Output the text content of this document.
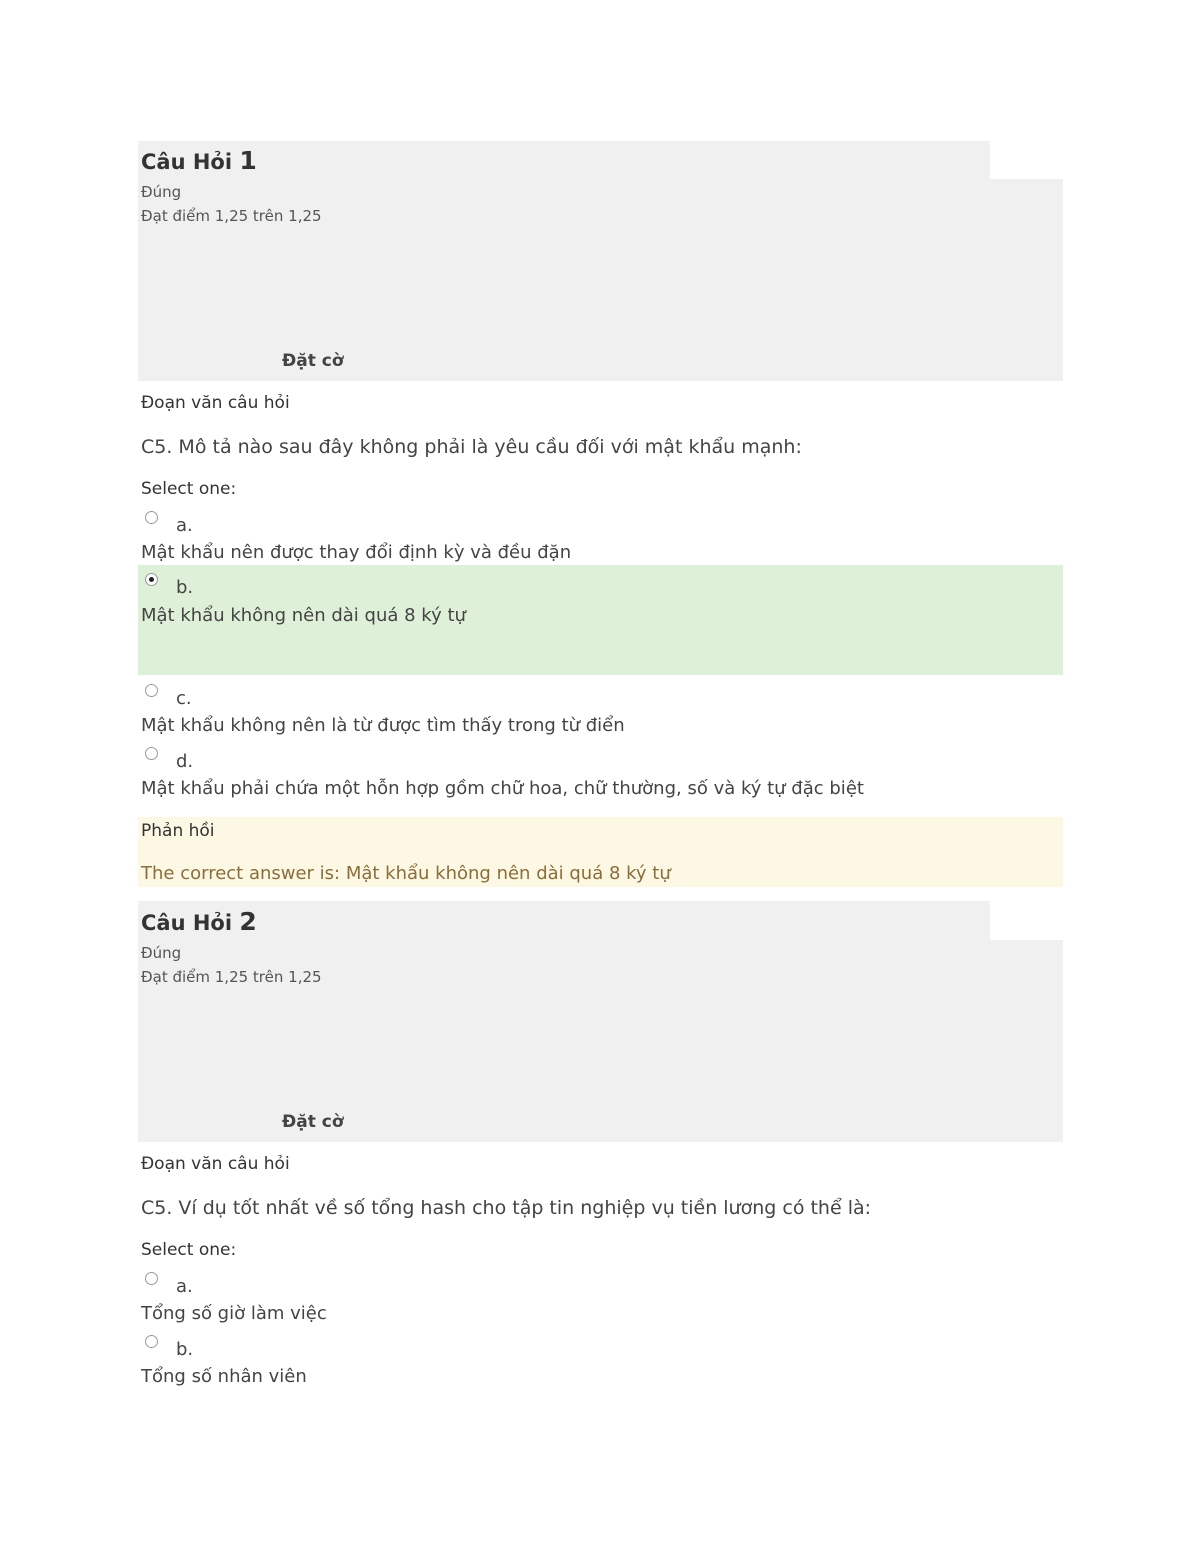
Câu Hỏi 1
Đúng
Đạt điểm 1,25 trên 1,25
Đặt cờ
Đoạn văn câu hỏi
C5. Mô tả nào sau đây không phải là yêu cầu đối với mật khẩu mạnh:
Select one:
a.
Mật khẩu nên được thay đổi định kỳ và đều đặn
b.
Mật khẩu không nên dài quá 8 ký tự
c.
Mật khẩu không nên là từ được tìm thấy trong từ điển
d.
Mật khẩu phải chứa một hỗn hợp gồm chữ hoa, chữ thường, số và ký tự đặc biệt
Phản hồi
The correct answer is: Mật khẩu không nên dài quá 8 ký tự
Câu Hỏi 2
Đúng
Đạt điểm 1,25 trên 1,25
Đặt cờ
Đoạn văn câu hỏi
C5. Ví dụ tốt nhất về số tổng hash cho tập tin nghiệp vụ tiền lương có thể là:
Select one:
a.
Tổng số giờ làm việc
b.
Tổng số nhân viên
